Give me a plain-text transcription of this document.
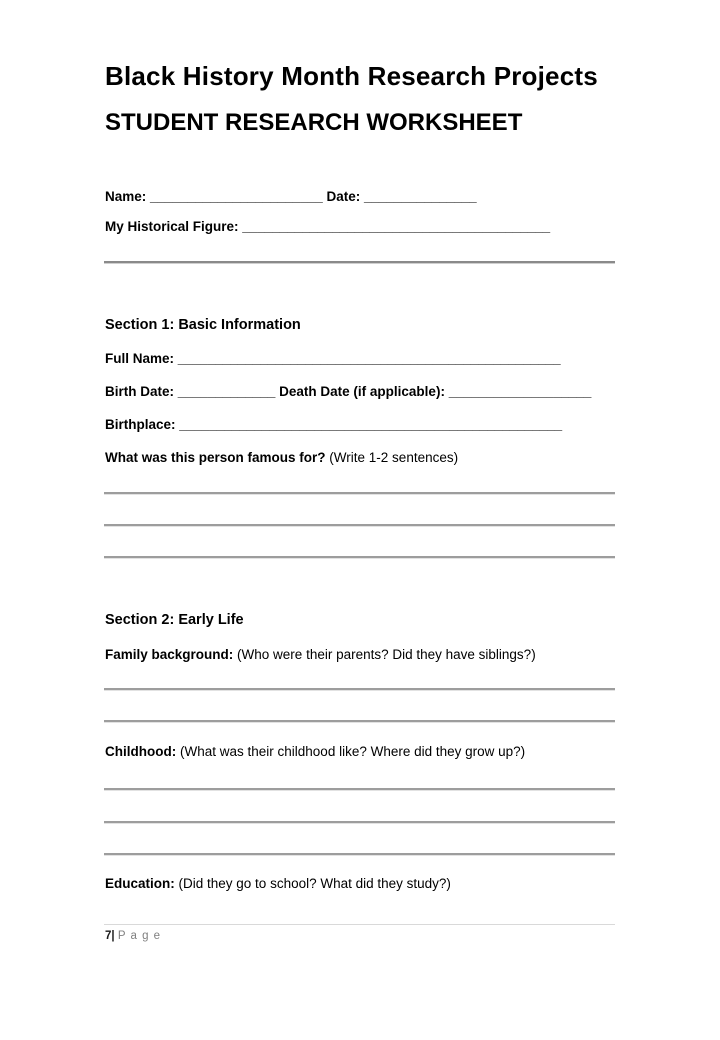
Black History Month Research Projects
STUDENT RESEARCH WORKSHEET
Name: _______________________ Date: _______________
My Historical Figure: _________________________________________
Section 1: Basic Information
Full Name: ___________________________________________________
Birth Date: _____________ Death Date (if applicable): ___________________
Birthplace: ___________________________________________________
What was this person famous for? (Write 1-2 sentences)
Section 2: Early Life
Family background: (Who were their parents? Did they have siblings?)
Childhood: (What was their childhood like? Where did they grow up?)
Education: (Did they go to school? What did they study?)
7| P a g e
